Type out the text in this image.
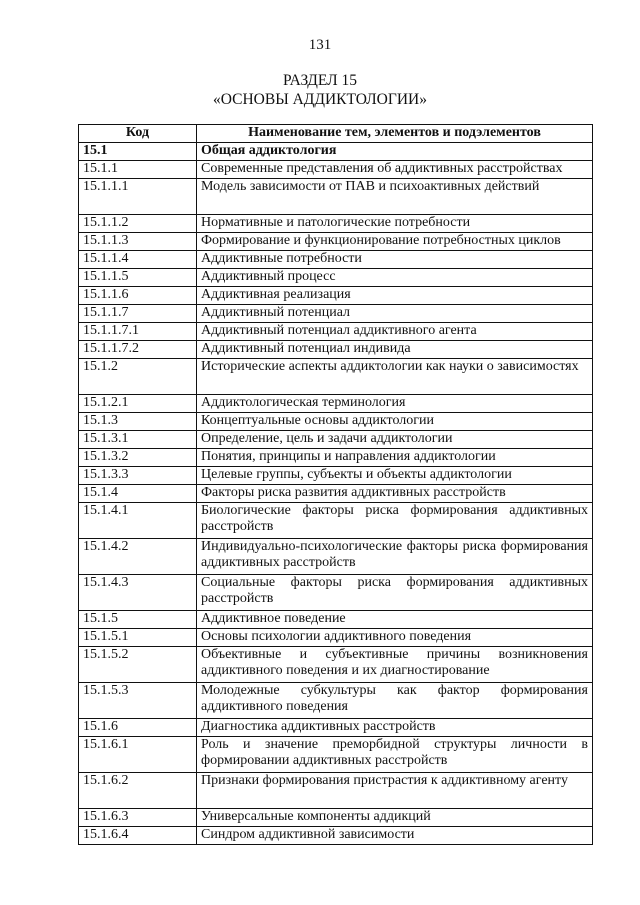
131
РАЗДЕЛ 15
«ОСНОВЫ АДДИКТОЛОГИИ»
Код	Наименование тем, элементов и подэлементов
15.1	Общая аддиктология
15.1.1	Современные представления об аддиктивных расстройствах
15.1.1.1	Модель зависимости от ПАВ и психоактивных действий
15.1.1.2	Нормативные и патологические потребности
15.1.1.3	Формирование и функционирование потребностных циклов
15.1.1.4	Аддиктивные потребности
15.1.1.5	Аддиктивный процесс
15.1.1.6	Аддиктивная реализация
15.1.1.7	Аддиктивный потенциал
15.1.1.7.1	Аддиктивный потенциал аддиктивного агента
15.1.1.7.2	Аддиктивный потенциал индивида
15.1.2	Исторические аспекты аддиктологии как науки о зависимостях
15.1.2.1	Аддиктологическая терминология
15.1.3	Концептуальные основы аддиктологии
15.1.3.1	Определение, цель и задачи аддиктологии
15.1.3.2	Понятия, принципы и направления аддиктологии
15.1.3.3	Целевые группы, субъекты и объекты аддиктологии
15.1.4	Факторы риска развития аддиктивных расстройств
15.1.4.1	Биологические факторы риска формирования аддиктивных расстройств
15.1.4.2	Индивидуально-психологические факторы риска формирования аддиктивных расстройств
15.1.4.3	Социальные факторы риска формирования аддиктивных расстройств
15.1.5	Аддиктивное поведение
15.1.5.1	Основы психологии аддиктивного поведения
15.1.5.2	Объективные и субъективные причины возникновения аддиктивного поведения и их диагностирование
15.1.5.3	Молодежные субкультуры как фактор формирования аддиктивного поведения
15.1.6	Диагностика аддиктивных расстройств
15.1.6.1	Роль и значение преморбидной структуры личности в формировании аддиктивных расстройств
15.1.6.2	Признаки формирования пристрастия к аддиктивному агенту
15.1.6.3	Универсальные компоненты аддикций
15.1.6.4	Синдром аддиктивной зависимости
